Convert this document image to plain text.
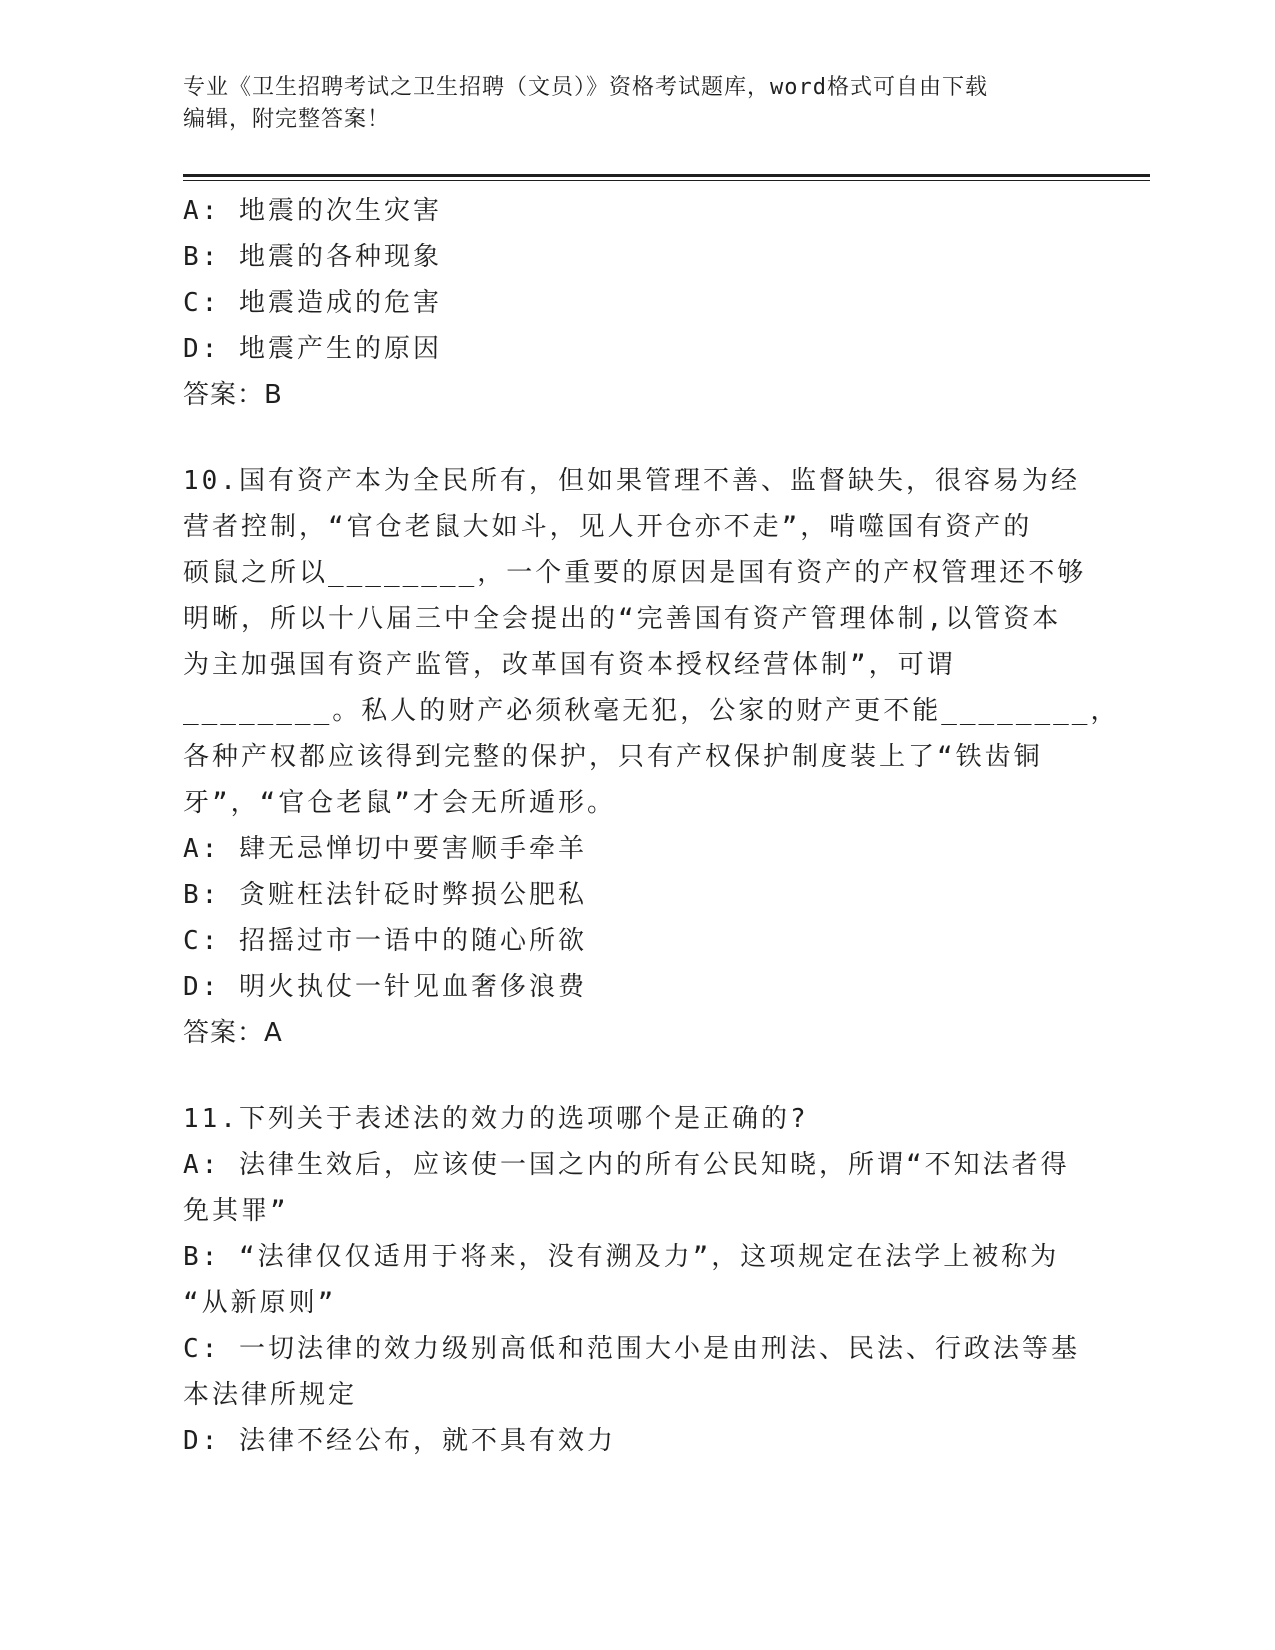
专业《卫生招聘考试之卫生招聘（文员）》资格考试题库，word格式可自由下载
编辑，附完整答案！
A: 地震的次生灾害
B: 地震的各种现象
C: 地震造成的危害
D: 地震产生的原因
答案：B
10.国有资产本为全民所有，但如果管理不善、监督缺失，很容易为经
营者控制，“官仓老鼠大如斗，见人开仓亦不走”，啃噬国有资产的
硕鼠之所以________，一个重要的原因是国有资产的产权管理还不够
明晰，所以十八届三中全会提出的“完善国有资产管理体制,以管资本
为主加强国有资产监管，改革国有资本授权经营体制”，可谓
________。私人的财产必须秋毫无犯，公家的财产更不能________，
各种产权都应该得到完整的保护，只有产权保护制度装上了“铁齿铜
牙”，“官仓老鼠”才会无所遁形。
A: 肆无忌惮切中要害顺手牵羊
B: 贪赃枉法针砭时弊损公肥私
C: 招摇过市一语中的随心所欲
D: 明火执仗一针见血奢侈浪费
答案：A
11.下列关于表述法的效力的选项哪个是正确的?
A: 法律生效后，应该使一国之内的所有公民知晓，所谓“不知法者得
免其罪”
B: “法律仅仅适用于将来，没有溯及力”，这项规定在法学上被称为
“从新原则”
C: 一切法律的效力级别高低和范围大小是由刑法、民法、行政法等基
本法律所规定
D: 法律不经公布，就不具有效力
